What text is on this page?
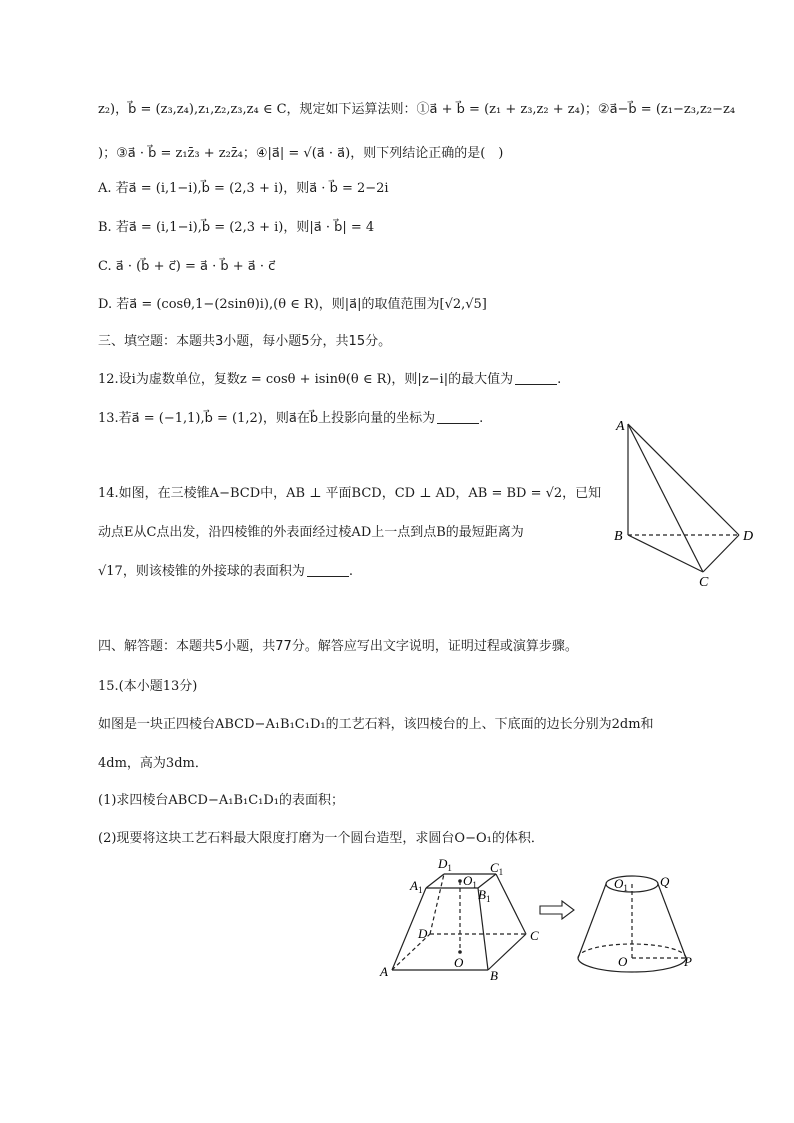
z₂)，b⃗ = (z₃,z₄),z₁,z₂,z₃,z₄ ∈ C，规定如下运算法则：①a⃗ + b⃗ = (z₁ + z₃,z₂ + z₄)；②a⃗−b⃗ = (z₁−z₃,z₂−z₄
)；③a⃗ · b⃗ = z₁z̄₃ + z₂z̄₄；④|a⃗| = √(a⃗ · a⃗)，则下列结论正确的是(　)
A. 若a⃗ = (i,1−i),b⃗ = (2,3 + i)，则a⃗ · b⃗ = 2−2i
B. 若a⃗ = (i,1−i),b⃗ = (2,3 + i)，则|a⃗ · b⃗| = 4
C. a⃗ · (b⃗ + c⃗) = a⃗ · b⃗ + a⃗ · c⃗
D. 若a⃗ = (cosθ,1−(2sinθ)i),(θ ∈ R)，则|a⃗|的取值范围为[√2,√5]
三、填空题：本题共3小题，每小题5分，共15分。
12.设i为虚数单位，复数z = cosθ + isinθ(θ ∈ R)，则|z−i|的最大值为	.
13.若a⃗ = (−1,1),b⃗ = (1,2)，则a⃗在b⃗上投影向量的坐标为	.
14.如图，在三棱锥A−BCD中，AB ⊥ 平面BCD，CD ⊥ AD，AB = BD = √2，已知
动点E从C点出发，沿四棱锥的外表面经过棱AD上一点到点B的最短距离为
√17，则该棱锥的外接球的表面积为	.
四、解答题：本题共5小题，共77分。解答应写出文字说明，证明过程或演算步骤。
15.(本小题13分)
如图是一块正四棱台ABCD−A₁B₁C₁D₁的工艺石料，该四棱台的上、下底面的边长分别为2dm和
4dm，高为3dm．
(1)求四棱台ABCD−A₁B₁C₁D₁的表面积；
(2)现要将这块工艺石料最大限度打磨为一个圆台造型，求圆台O−O₁的体积．
A
B	D
C
$D_1$	$C_1$
$A_1$	$B_1$
$O_1$
D	C
O
A	B
$O_1$ Q
O	P
